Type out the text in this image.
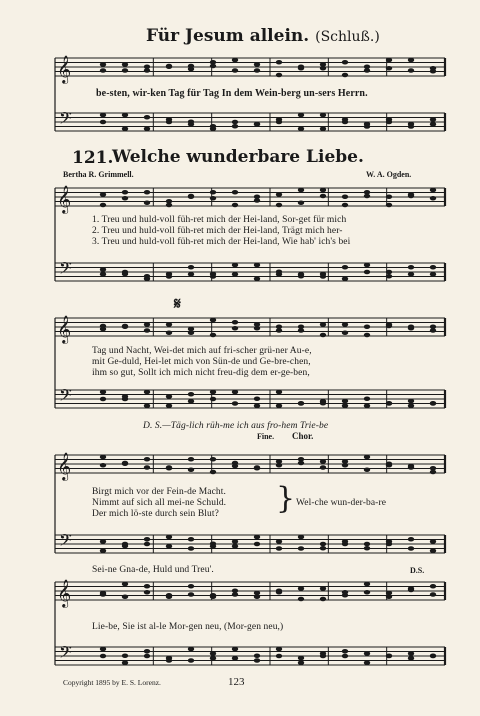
𝄞
𝄢
𝄞
𝄢
𝄞
𝄢
𝄞
𝄢
𝄞
𝄢
Für Jesum allein. (Schluß.)
be-sten, wir-ken Tag für Tag In dem Wein-berg un-sers Herrn.
121.
Welche wunderbare Liebe.
Bertha R. Grimmell.	W. A. Ogden.
1. Treu und huld-voll füh-ret mich der Hei-land, Sor-get für mich
2. Treu und huld-voll füh-ret mich der Hei-land, Trägt mich her-
3. Treu und huld-voll füh-ret mich der Hei-land, Wie hab' ich's bei
𝄋
Tag und Nacht, Wei-det mich auf fri-scher grü-ner Au-e,
mit Ge-duld, Hei-let mich von Sün-de und Ge-bre-chen,
ihm so gut, Sollt ich mich nicht freu-dig dem er-ge-ben,
D. S.—Täg-lich rüh-me ich aus fro-hem Trie-be
Fine. Chor.
Birgt mich vor der Fein-de Macht.
Nimmt auf sich all mei-ne Schuld.
Der mich lö-ste durch sein Blut? } Wel-che wun-der-ba-re
Sei-ne Gna-de, Huld und Treu'.	D.S.
Lie-be, Sie ist al-le Mor-gen neu, (Mor-gen neu,)
Copyright 1895 by E. S. Lorenz.	123
